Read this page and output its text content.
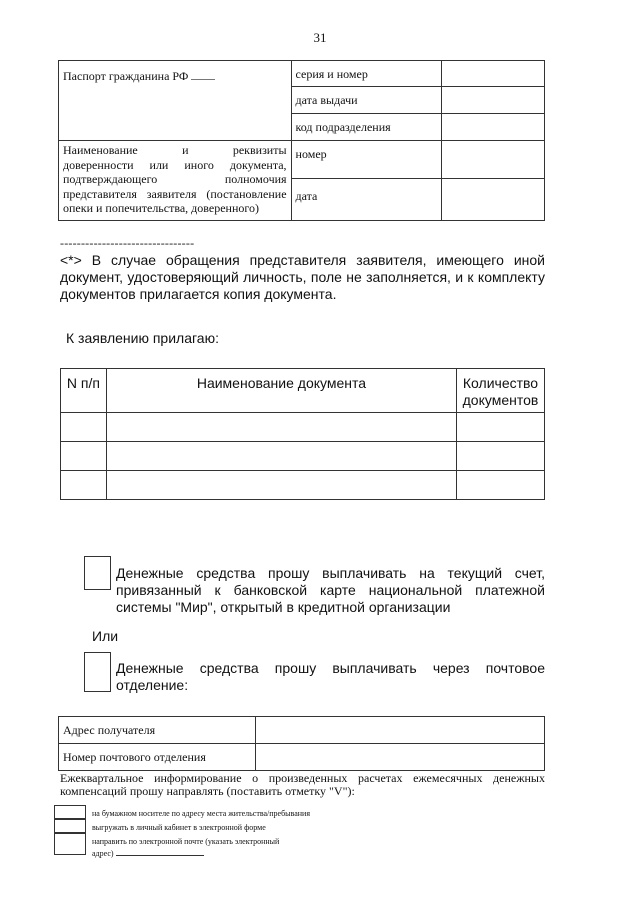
31
Паспорт гражданина РФ	серия и номер	
	дата выдачи	
	код подразделения	

Наименование и реквизиты
доверенности или иного документа,
подтверждающего полномочия
представителя заявителя (постановление
опеки и попечительства, доверенного)	номер	
	дата	
--------------------------------
<*> В случае обращения представителя заявителя, имеющего иной
документ, удостоверяющий личность, поле не заполняется, и к комплекту
документов прилагается копия документа.
К заявлению прилагаю:
N п/п	Наименование документа	Количество
документов

Денежные средства прошу выплачивать на текущий счет,
привязанный к банковской карте национальной платежной
системы "Мир", открытый в кредитной организации
Или
Денежные средства прошу выплачивать через почтовое
отделение:
Адрес получателя	
Номер почтового отделения	
Ежеквартальное информирование о произведенных расчетах ежемесячных денежных
компенсаций прошу направлять (поставить отметку "V"):
на бумажном носителе по адресу места жительства/пребывания
выгружать в личный кабинет в электронной форме
направить по электронной почте (указать электронный
адрес)
